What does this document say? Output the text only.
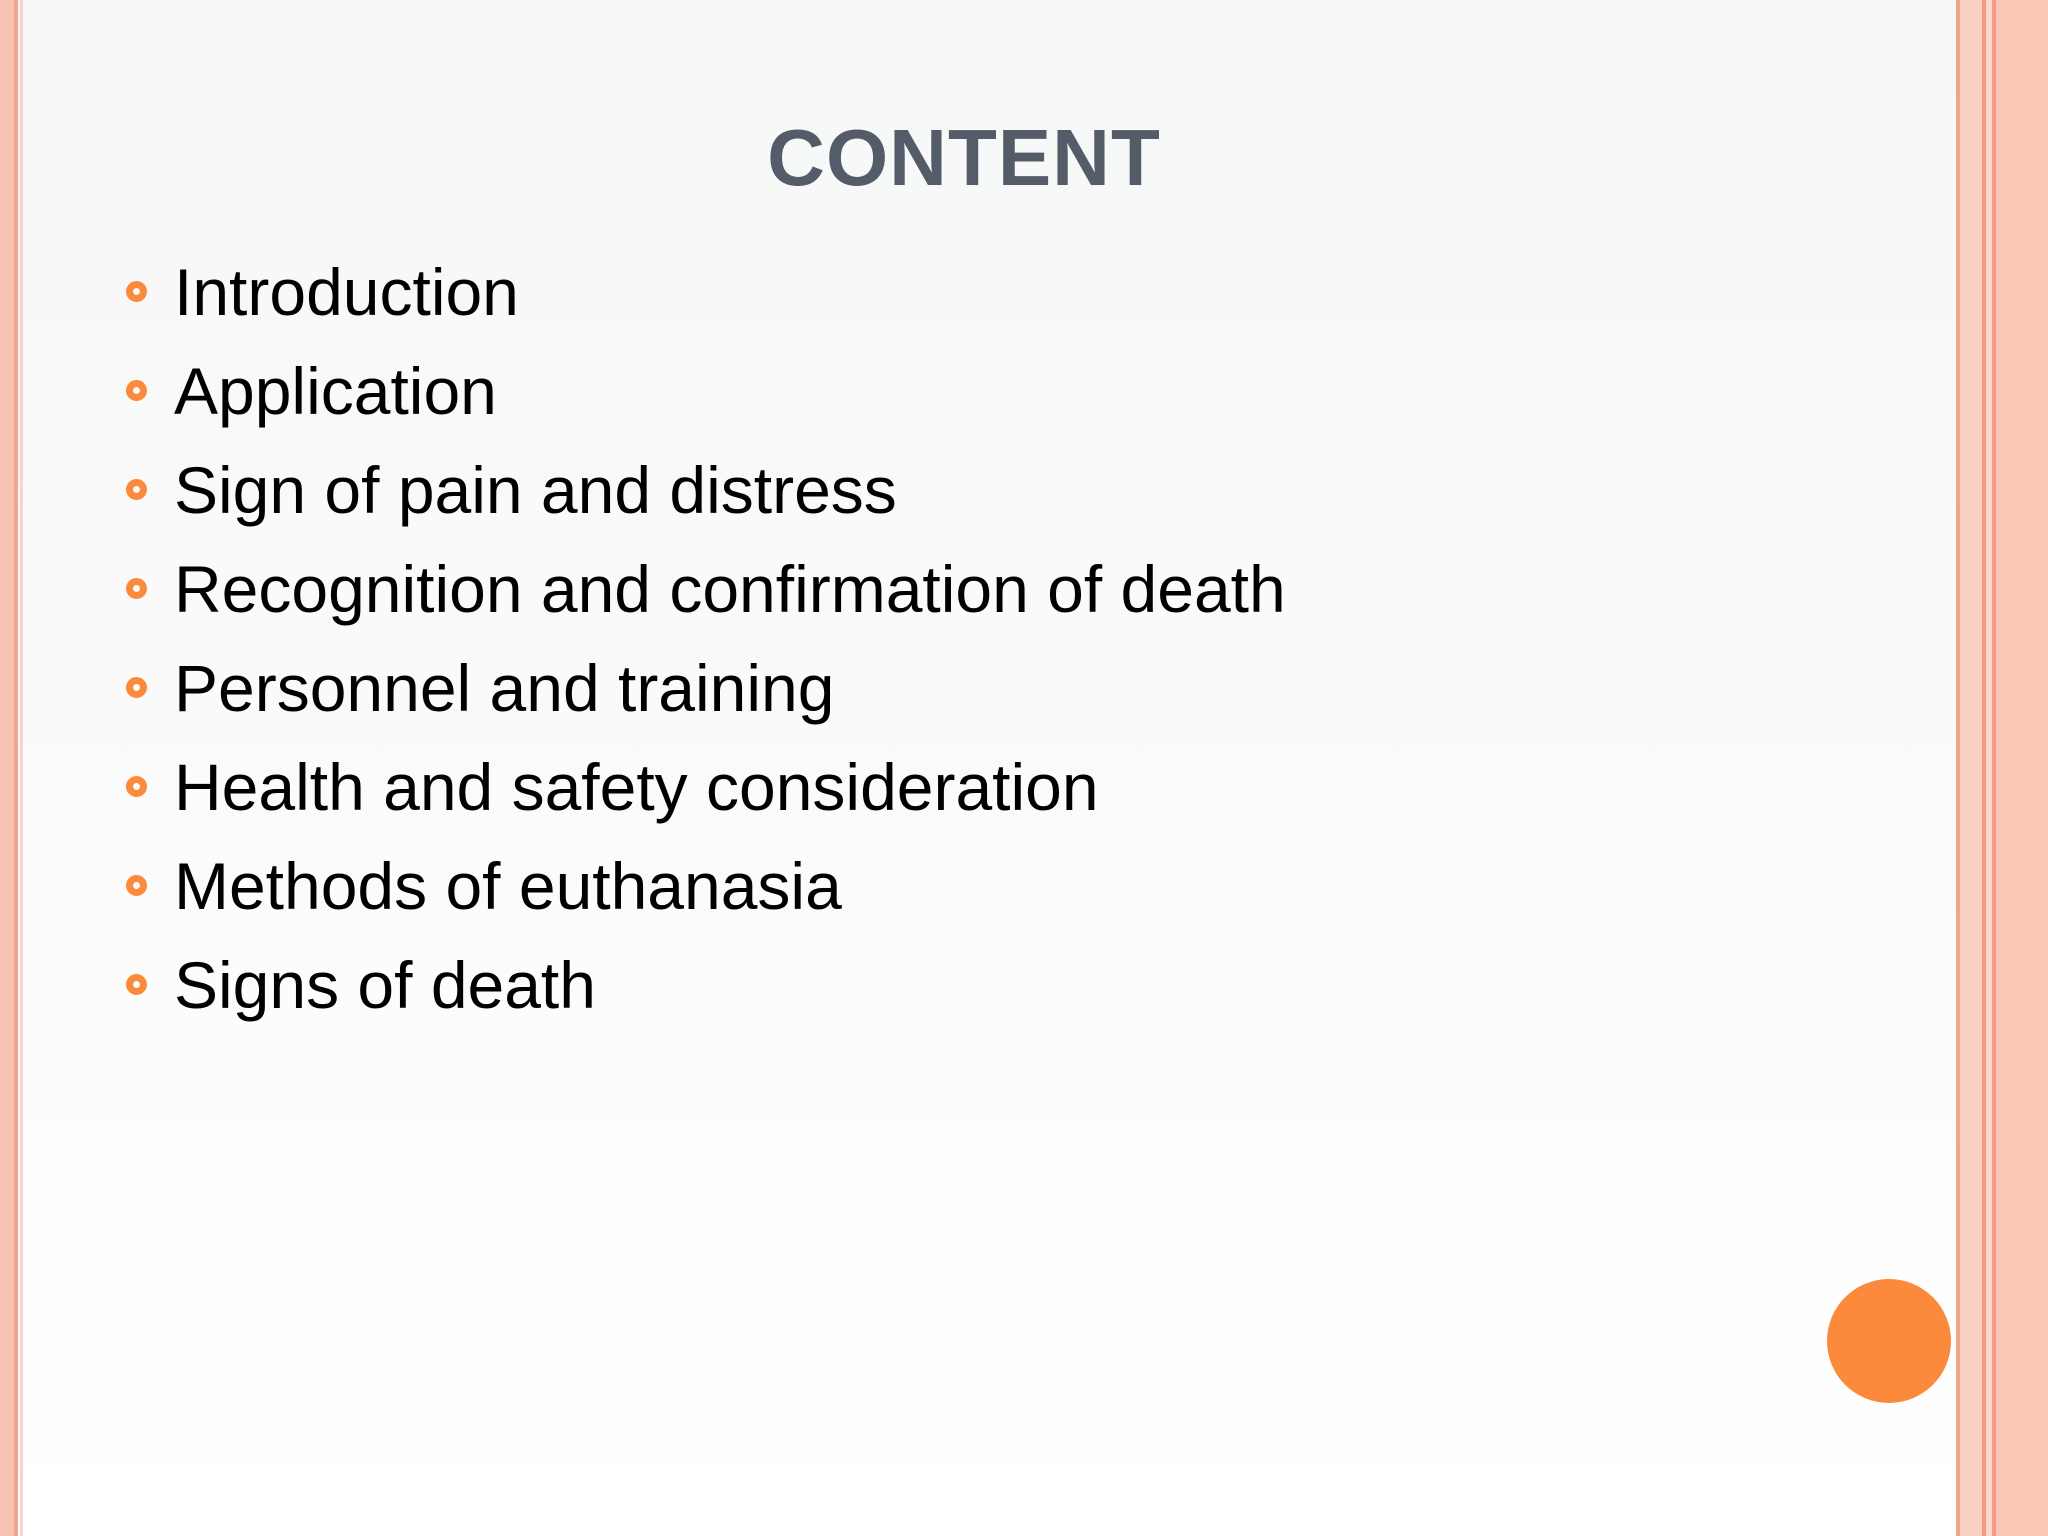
CONTENT
Introduction
Application
Sign of pain and distress
Recognition and confirmation of death
Personnel and training
Health and safety consideration
Methods of euthanasia
Signs of death
